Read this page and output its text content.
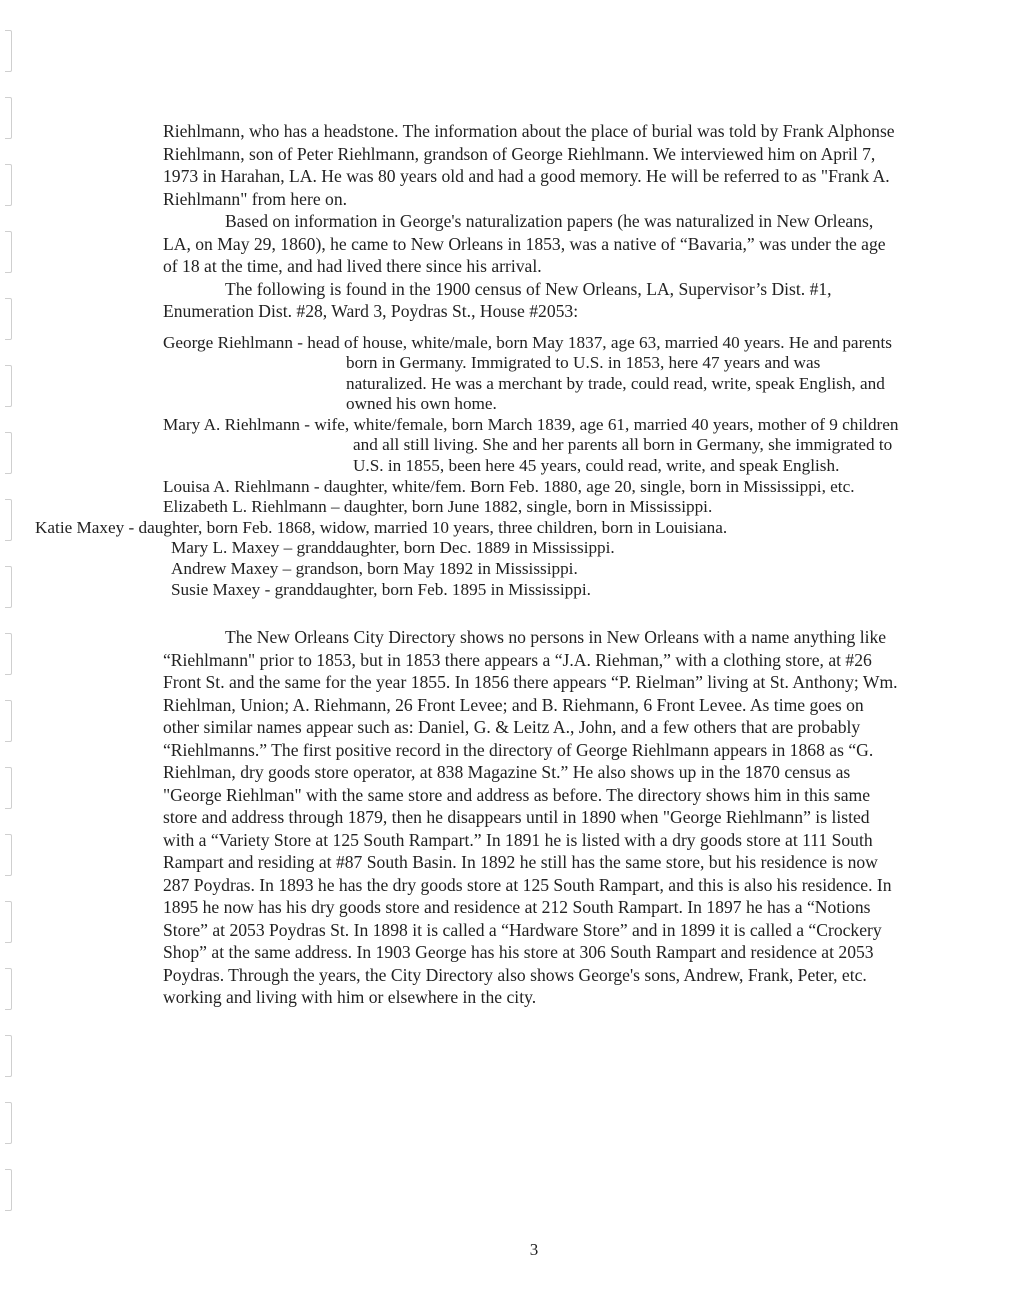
Riehlmann, who has a headstone. The information about the place of burial was told by Frank Alphonse Riehlmann, son of Peter Riehlmann, grandson of George Riehlmann. We interviewed him on April 7, 1973 in Harahan, LA. He was 80 years old and had a good memory. He will be referred to as "Frank A. Riehlmann" from here on.

Based on information in George's naturalization papers (he was naturalized in New Orleans, LA, on May 29, 1860), he came to New Orleans in 1853, was a native of “Bavaria,” was under the age of 18 at the time, and had lived there since his arrival.

The following is found in the 1900 census of New Orleans, LA, Supervisor’s Dist. #1, Enumeration Dist. #28, Ward 3, Poydras St., House #2053:

George Riehlmann - head of house, white/male, born May 1837, age 63, married 40 years. He and parents born in Germany. Immigrated to U.S. in 1853, here 47 years and was naturalized. He was a merchant by trade, could read, write, speak English, and owned his own home.
Mary A. Riehlmann - wife, white/female, born March 1839, age 61, married 40 years, mother of 9 children and all still living. She and her parents all born in Germany, she immigrated to U.S. in 1855, been here 45 years, could read, write, and speak English.
Louisa A. Riehlmann - daughter, white/fem. Born Feb. 1880, age 20, single, born in Mississippi, etc.
Elizabeth L. Riehlmann – daughter, born June 1882, single, born in Mississippi.
Katie Maxey - daughter, born Feb. 1868, widow, married 10 years, three children, born in Louisiana.
Mary L. Maxey – granddaughter, born Dec. 1889 in Mississippi.
Andrew Maxey – grandson, born May 1892 in Mississippi.
Susie Maxey - granddaughter, born Feb. 1895 in Mississippi.

The New Orleans City Directory shows no persons in New Orleans with a name anything like “Riehlmann" prior to 1853, but in 1853 there appears a “J.A. Riehman,” with a clothing store, at #26 Front St. and the same for the year 1855. In 1856 there appears “P. Rielman” living at St. Anthony; Wm. Riehlman, Union; A. Riehmann, 26 Front Levee; and B. Riehmann, 6 Front Levee. As time goes on other similar names appear such as: Daniel, G. & Leitz A., John, and a few others that are probably “Riehlmanns.” The first positive record in the directory of George Riehlmann appears in 1868 as “G. Riehlman, dry goods store operator, at 838 Magazine St.” He also shows up in the 1870 census as "George Riehlman" with the same store and address as before. The directory shows him in this same store and address through 1879, then he disappears until in 1890 when "George Riehlmann” is listed with a “Variety Store at 125 South Rampart.” In 1891 he is listed with a dry goods store at 111 South Rampart and residing at #87 South Basin. In 1892 he still has the same store, but his residence is now 287 Poydras. In 1893 he has the dry goods store at 125 South Rampart, and this is also his residence. In 1895 he now has his dry goods store and residence at 212 South Rampart. In 1897 he has a “Notions Store” at 2053 Poydras St. In 1898 it is called a “Hardware Store” and in 1899 it is called a “Crockery Shop” at the same address. In 1903 George has his store at 306 South Rampart and residence at 2053 Poydras. Through the years, the City Directory also shows George's sons, Andrew, Frank, Peter, etc. working and living with him or elsewhere in the city.

3
